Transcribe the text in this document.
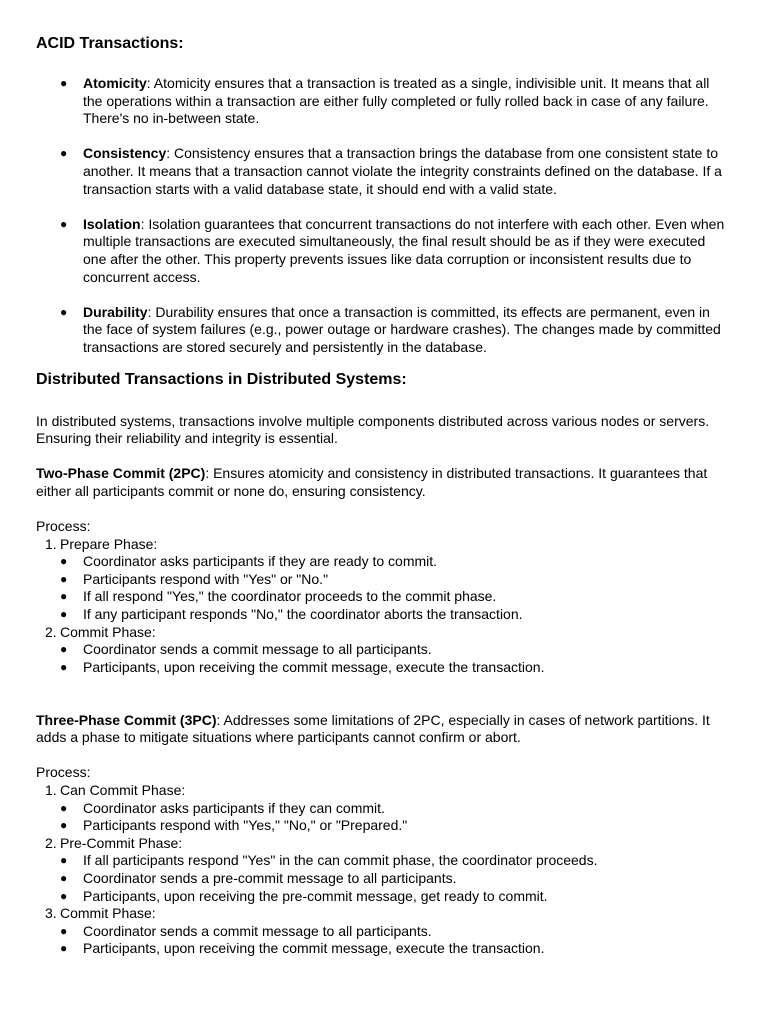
ACID Transactions:
● Atomicity: Atomicity ensures that a transaction is treated as a single, indivisible unit. It means that all the operations within a transaction are either fully completed or fully rolled back in case of any failure. There's no in-between state.
● Consistency: Consistency ensures that a transaction brings the database from one consistent state to another. It means that a transaction cannot violate the integrity constraints defined on the database. If a transaction starts with a valid database state, it should end with a valid state.
● Isolation: Isolation guarantees that concurrent transactions do not interfere with each other. Even when multiple transactions are executed simultaneously, the final result should be as if they were executed one after the other. This property prevents issues like data corruption or inconsistent results due to concurrent access.
● Durability: Durability ensures that once a transaction is committed, its effects are permanent, even in the face of system failures (e.g., power outage or hardware crashes). The changes made by committed transactions are stored securely and persistently in the database.
Distributed Transactions in Distributed Systems:

In distributed systems, transactions involve multiple components distributed across various nodes or servers. Ensuring their reliability and integrity is essential.

Two-Phase Commit (2PC): Ensures atomicity and consistency in distributed transactions. It guarantees that either all participants commit or none do, ensuring consistency.

Process:

1. Prepare Phase:
● Coordinator asks participants if they are ready to commit.
● Participants respond with "Yes" or "No."
● If all respond "Yes," the coordinator proceeds to the commit phase.
● If any participant responds "No," the coordinator aborts the transaction.
2. Commit Phase:
● Coordinator sends a commit message to all participants.
● Participants, upon receiving the commit message, execute the transaction.

Three-Phase Commit (3PC): Addresses some limitations of 2PC, especially in cases of network partitions. It adds a phase to mitigate situations where participants cannot confirm or abort.

Process:

1. Can Commit Phase:
● Coordinator asks participants if they can commit.
● Participants respond with "Yes," "No," or "Prepared."
2. Pre-Commit Phase:
● If all participants respond "Yes" in the can commit phase, the coordinator proceeds.
● Coordinator sends a pre-commit message to all participants.
● Participants, upon receiving the pre-commit message, get ready to commit.
3. Commit Phase:
● Coordinator sends a commit message to all participants.
● Participants, upon receiving the commit message, execute the transaction.
